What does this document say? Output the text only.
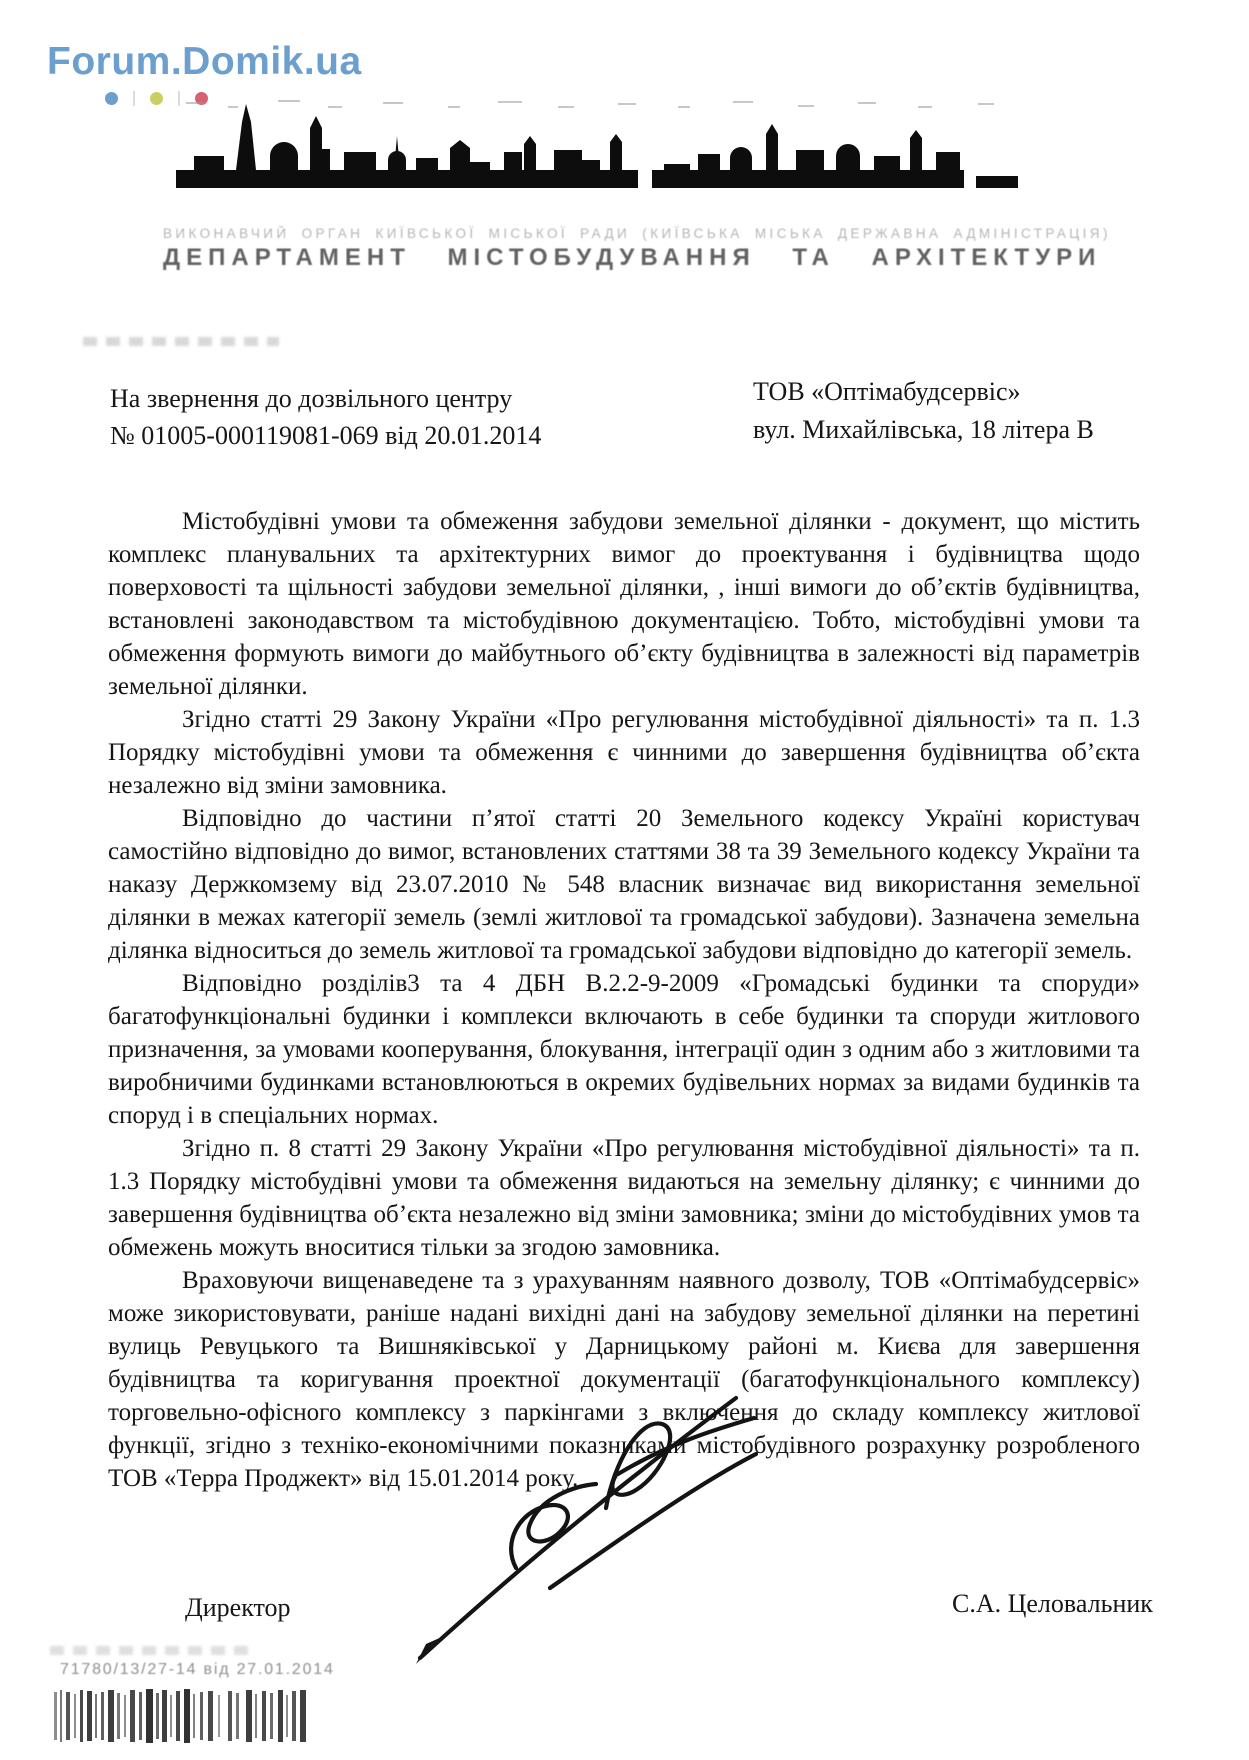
Forum.Domik.ua
ВИКОНАВЧИЙ ОРГАН КИЇВСЬКОЇ МІСЬКОЇ РАДИ (КИЇВСЬКА МІСЬКА ДЕРЖАВНА АДМІНІСТРАЦІЯ)
ДЕПАРТАМЕНТ МІСТОБУДУВАННЯ ТА АРХІТЕКТУРИ
На звернення до дозвільного центру
№ 01005-000119081-069 від 20.01.2014
ТОВ «Оптімабудсервіс»
вул. Михайлівська, 18 літера В

Містобудівні умови та обмеження забудови земельної ділянки - документ, що містить комплекс планувальних та архітектурних вимог до проектування і будівництва щодо поверховості та щільності забудови земельної ділянки, , інші вимоги до об’єктів будівництва, встановлені законодавством та містобудівною документацією. Тобто, містобудівні умови та обмеження формують вимоги до майбутнього об’єкту будівництва в залежності від параметрів земельної ділянки.

Згідно статті 29 Закону України «Про регулювання містобудівної діяльності» та п. 1.3 Порядку містобудівні умови та обмеження є чинними до завершення будівництва об’єкта незалежно від зміни замовника.

Відповідно до частини п’ятої статті 20 Земельного кодексу Україні користувач самостійно відповідно до вимог, встановлених статтями 38 та 39 Земельного кодексу України та наказу Держкомзему від 23.07.2010 № 548 власник визначає вид використання земельної ділянки в межах категорії земель (землі житлової та громадської забудови). Зазначена земельна ділянка відноситься до земель житлової та громадської забудови відповідно до категорії земель.

Відповідно розділів3 та 4 ДБН В.2.2-9-2009 «Громадські будинки та споруди» багатофункціональні будинки і комплекси включають в себе будинки та споруди житлового призначення, за умовами кооперування, блокування, інтеграції один з одним або з житловими та виробничими будинками встановлюються в окремих будівельних нормах за видами будинків та споруд і в спеціальних нормах.

Згідно п. 8 статті 29 Закону України «Про регулювання містобудівної діяльності» та п. 1.3 Порядку містобудівні умови та обмеження видаються на земельну ділянку; є чинними до завершення будівництва об’єкта незалежно від зміни замовника; зміни до містобудівних умов та обмежень можуть вноситися тільки за згодою замовника.

Враховуючи вищенаведене та з урахуванням наявного дозволу, ТОВ «Оптімабудсервіс» може зикористовувати, раніше надані вихідні дані на забудову земельної ділянки на перетині вулиць Ревуцького та Вишняківської у Дарницькому районі м. Києва для завершення будівництва та коригування проектної документації (багатофункціонального комплексу) торговельно-офісного комплексу з паркінгами з включення до складу комплексу житлової функції, згідно з техніко-економічними показниками містобудівного розрахунку розробленого ТОВ «Терра Проджект» від 15.01.2014 року.

Директор	С.А. Целовальник
71780/13/27-14 від 27.01.2014
